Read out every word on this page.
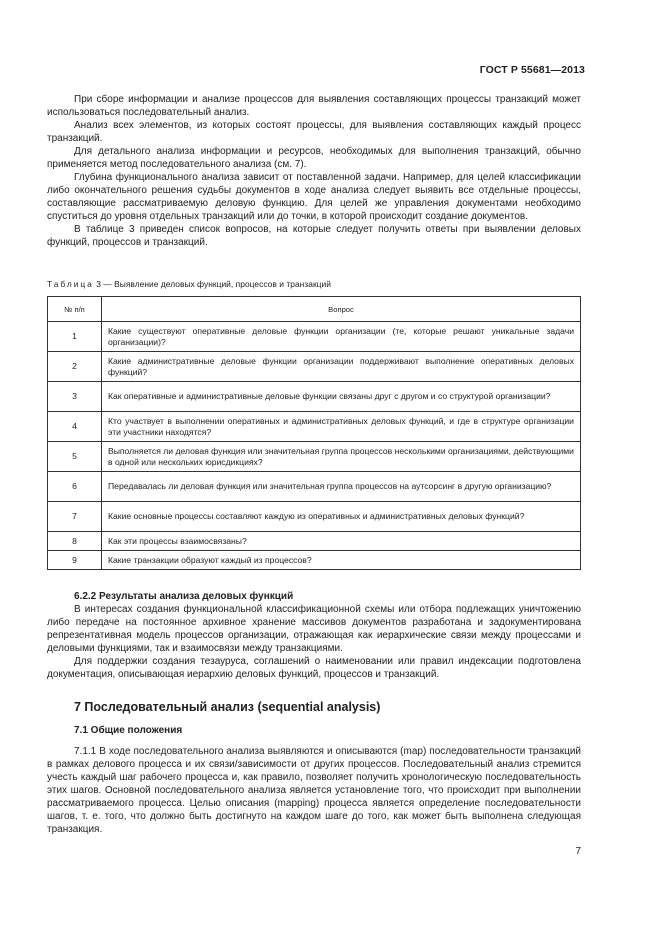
ГОСТ Р 55681—2013

При сборе информации и анализе процессов для выявления составляющих процессы транзакций может использоваться последовательный анализ.

Анализ всех элементов, из которых состоят процессы, для выявления составляющих каждый процесс транзакций.

Для детального анализа информации и ресурсов, необходимых для выполнения транзакций, обычно применяется метод последовательного анализа (см. 7).

Глубина функционального анализа зависит от поставленной задачи. Например, для целей классификации либо окончательного решения судьбы документов в ходе анализа следует выявить все отдельные процессы, составляющие рассматриваемую деловую функцию. Для целей же управления документами необходимо спуститься до уровня отдельных транзакций или до точки, в которой происходит создание документов.

В таблице 3 приведен список вопросов, на которые следует получить ответы при выявлении деловых функций, процессов и транзакций.

Таблица 3 — Выявление деловых функций, процессов и транзакций
№ п/п	Вопрос
1	Какие существуют оперативные деловые функции организации (те, которые решают уникальные задачи организации)?
2	Какие административные деловые функции организации поддерживают выполнение оперативных деловых функций?
3	Как оперативные и административные деловые функции связаны друг с другом и со структурой организации?
4	Кто участвует в выполнении оперативных и административных деловых функций, и где в структуре организации эти участники находятся?
5	Выполняется ли деловая функция или значительная группа процессов несколькими организациями, действующими в одной или нескольких юрисдикциях?
6	Передавалась ли деловая функция или значительная группа процессов на аутсорсинг в другую организацию?
7	Какие основные процессы составляют каждую из оперативных и административных деловых функций?
8	Как эти процессы взаимосвязаны?
9	Какие транзакции образуют каждый из процессов?
6.2.2 Результаты анализа деловых функций

В интересах создания функциональной классификационной схемы или отбора подлежащих уничтожению либо передаче на постоянное архивное хранение массивов документов разработана и задокументирована репрезентативная модель процессов организации, отражающая как иерархические связи между процессами и деловыми функциями, так и взаимосвязи между транзакциями.

Для поддержки создания тезауруса, соглашений о наименовании или правил индексации подготовлена документация, описывающая иерархию деловых функций, процессов и транзакций.

7 Последовательный анализ (sequential analysis)
7.1 Общие положения

7.1.1 В ходе последовательного анализа выявляются и описываются (map) последовательности транзакций в рамках делового процесса и их связи/зависимости от других процессов. Последовательный анализ стремится учесть каждый шаг рабочего процесса и, как правило, позволяет получить хронологическую последовательность этих шагов. Основной последовательного анализа является установление того, что происходит при выполнении рассматриваемого процесса. Целью описания (mapping) процесса является определение последовательности шагов, т. е. того, что должно быть достигнуто на каждом шаге до того, как может быть выполнена следующая транзакция.

7
